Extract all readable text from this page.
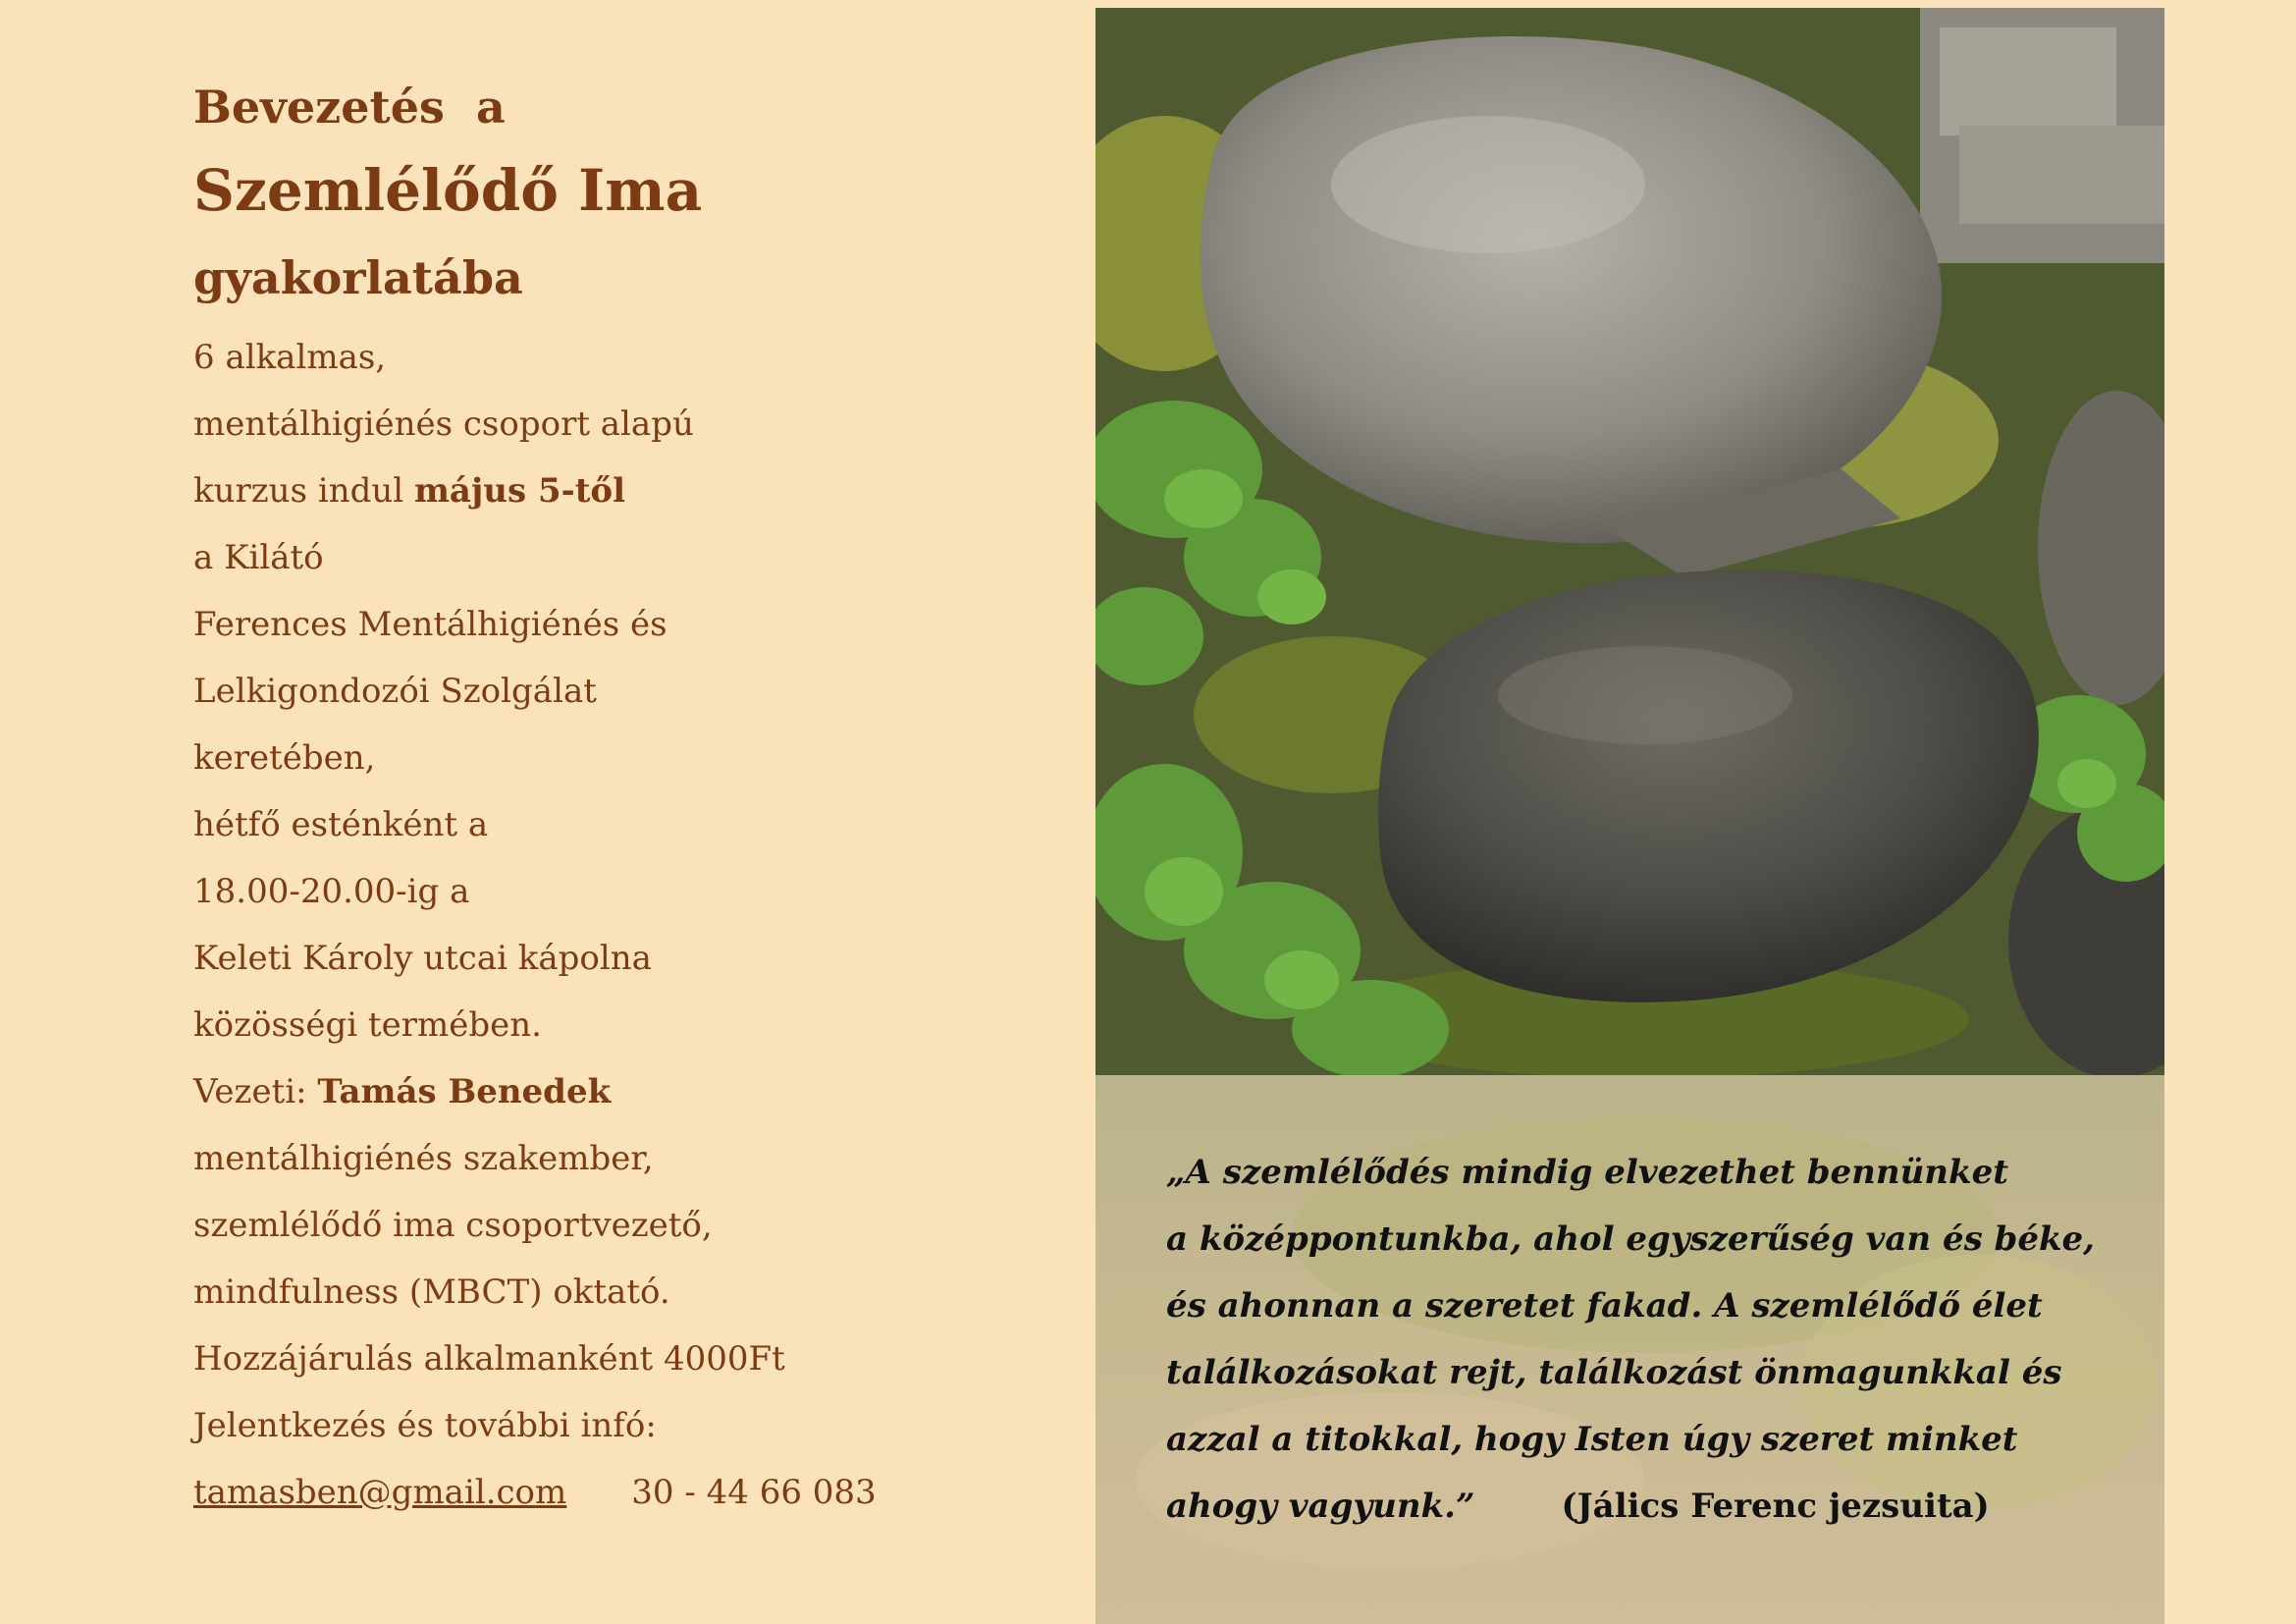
Bevezetés  a
Szemlélődő Ima
gyakorlatába
6 alkalmas,
mentálhigiénés csoport alapú
kurzus indul május 5-től
a Kilátó
Ferences Mentálhigiénés és
Lelkigondozói Szolgálat
keretében,
hétfő esténként a
18.00-20.00-ig a
Keleti Károly utcai kápolna
közösségi termében.
Vezeti: Tamás Benedek
mentálhigiénés szakember,
szemlélődő ima csoportvezető,
mindfulness (MBCT) oktató.
Hozzájárulás alkalmanként 4000Ft
Jelentkezés és további infó:
tamasben@gmail.com 30 - 44 66 083
„A szemlélődés mindig elvezethet bennünket
a középpontunkba, ahol egyszerűség van és béke,
és ahonnan a szeretet fakad. A szemlélődő élet
találkozásokat rejt, találkozást önmagunkkal és
azzal a titokkal, hogy Isten úgy szeret minket
ahogy vagyunk.”	(Jálics Ferenc jezsuita)
